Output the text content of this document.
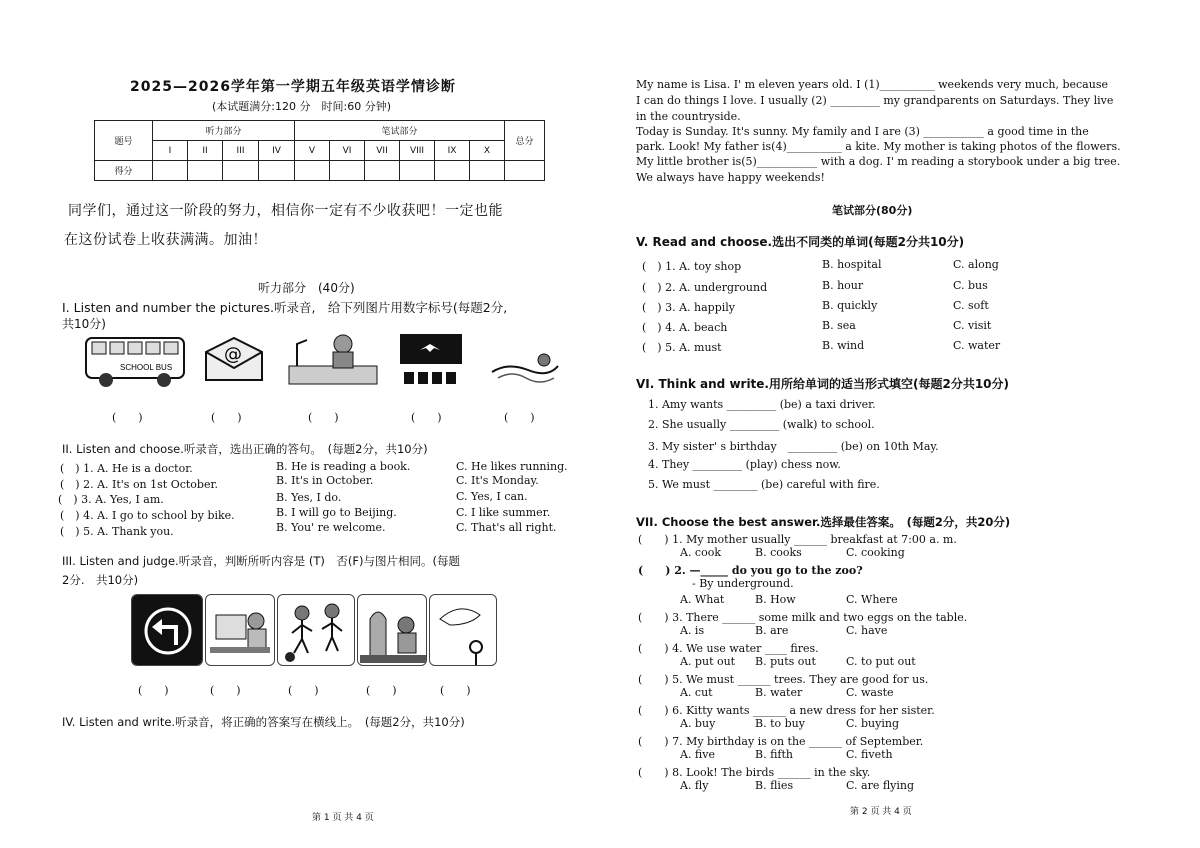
2025—2026学年第一学期五年级英语学情诊断
(本试题满分:120 分　时间:60 分钟)
题号	听力部分				笔试部分						总分
	I	II	III	IV	V	VI	VII	VIII	IX	X	
得分											
同学们，通过这一阶段的努力，相信你一定有不少收获吧！一定也能
在这份试卷上收获满满。加油！
听力部分　(40分)
I. Listen and number the pictures.听录音,　给下列图片用数字标号(每题2分,
共10分)
SCHOOL BUS
@
(　　)	(　　)	(　　)	(　　)	(　　)
II. Listen and choose.听录音，选出正确的答句。　(每题2分，共10分)
(　) 1. A. He is a doctor.	B. He is reading a book.	C. He likes running.
(　) 2. A. It's on 1st October.	B. It's in October.	C. It's Monday.
(　) 3. A. Yes, I am.	B. Yes, I do.	C. Yes, I can.
(　) 4. A. I go to school by bike.	B. I will go to Beijing.	C. I like summer.
(　) 5. A. Thank you.	B. You' re welcome.	C. That's all right.
III. Listen and judge.听录音，判断所听内容是 (T)　否(F)与图片相同。(每题
2分.　共10分)
(　　)	(　　)	(　　)	(　　)	(　　)
IV. Listen and write.听录音，将正确的答案写在横线上。　(每题2分，共10分)
第 1 页 共 4 页
My name is Lisa. I' m eleven years old. I (1)__________ weekends very much, because
I can do things I love. I usually (2) _________ my grandparents on Saturdays. They live
in the countryside.
Today is Sunday. It's sunny. My family and I are (3) ___________ a good time in the
park. Look! My father is(4)__________ a kite. My mother is taking photos of the flowers.
My little brother is(5)___________ with a dog. I' m reading a storybook under a big tree.
We always have happy weekends!
笔试部分(80分)
V. Read and choose.选出不同类的单词(每题2分共10分)
(　) 1. A. toy shop	B. hospital	C. along
(　) 2. A. underground	B. hour	C. bus
(　) 3. A. happily	B. quickly	C. soft
(　) 4. A. beach	B. sea	C. visit
(　) 5. A. must	B. wind	C. water
VI. Think and write.用所给单词的适当形式填空(每题2分共10分)
1. Amy wants _________ (be) a taxi driver.
2. She usually _________ (walk) to school.
3. My sister' s birthday　_________ (be) on 10th May.
4. They _________ (play) chess now.
5. We must ________ (be) careful with fire.
VII. Choose the best answer.选择最佳答案。　(每题2分，共20分)
(　　) 1. My mother usually ______ breakfast at 7:00 a. m.
A. cook	B. cooks	C. cooking
(　　) 2. —_____ do you go to the zoo?
- By underground.
A. What	B. How	C. Where
(　　) 3. There ______ some milk and two eggs on the table.
A. is	B. are	C. have
(　　) 4. We use water ____ fires.
A. put out B. puts out	C. to put out
(　　) 5. We must ______ trees. They are good for us.
A. cut	B. water	C. waste
(　　) 6. Kitty wants ______ a new dress for her sister.
A. buy	B. to buy	C. buying
(　　) 7. My birthday is on the ______ of September.
A. five	B. fifth	C. fiveth
(　　) 8. Look! The birds ______ in the sky.
A. fly	B. flies	C. are flying
第 2 页 共 4 页
